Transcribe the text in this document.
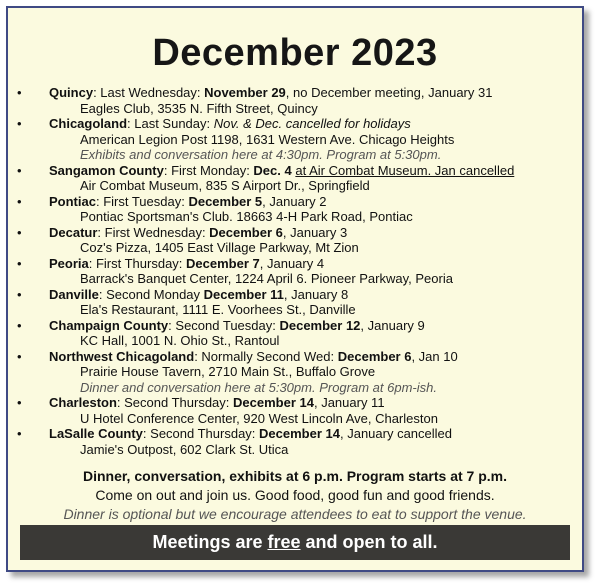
December 2023
• Quincy: Last Wednesday: November 29, no December meeting, January 31
Eagles Club, 3535 N. Fifth Street, Quincy
• Chicagoland: Last Sunday: Nov. & Dec. cancelled for holidays
American Legion Post 1198, 1631 Western Ave. Chicago Heights
Exhibits and conversation here at 4:30pm. Program at 5:30pm.
• Sangamon County: First Monday: Dec. 4 at Air Combat Museum. Jan cancelled
Air Combat Museum, 835 S Airport Dr., Springfield
• Pontiac: First Tuesday: December 5, January 2
Pontiac Sportsman's Club. 18663 4-H Park Road, Pontiac
• Decatur: First Wednesday: December 6, January 3
Coz's Pizza, 1405 East Village Parkway, Mt Zion
• Peoria: First Thursday: December 7, January 4
Barrack's Banquet Center, 1224 April 6. Pioneer Parkway, Peoria
• Danville: Second Monday December 11, January 8
Ela's Restaurant, 1111 E. Voorhees St., Danville
• Champaign County: Second Tuesday: December 12, January 9
KC Hall, 1001 N. Ohio St., Rantoul
• Northwest Chicagoland: Normally Second Wed: December 6, Jan 10
Prairie House Tavern, 2710 Main St., Buffalo Grove
Dinner and conversation here at 5:30pm. Program at 6pm-ish.
• Charleston: Second Thursday: December 14, January 11
U Hotel Conference Center, 920 West Lincoln Ave, Charleston
• LaSalle County: Second Thursday: December 14, January cancelled
Jamie's Outpost, 602 Clark St. Utica
Dinner, conversation, exhibits at 6 p.m. Program starts at 7 p.m.
Come on out and join us. Good food, good fun and good friends.
Dinner is optional but we encourage attendees to eat to support the venue.
Meetings are free and open to all.
